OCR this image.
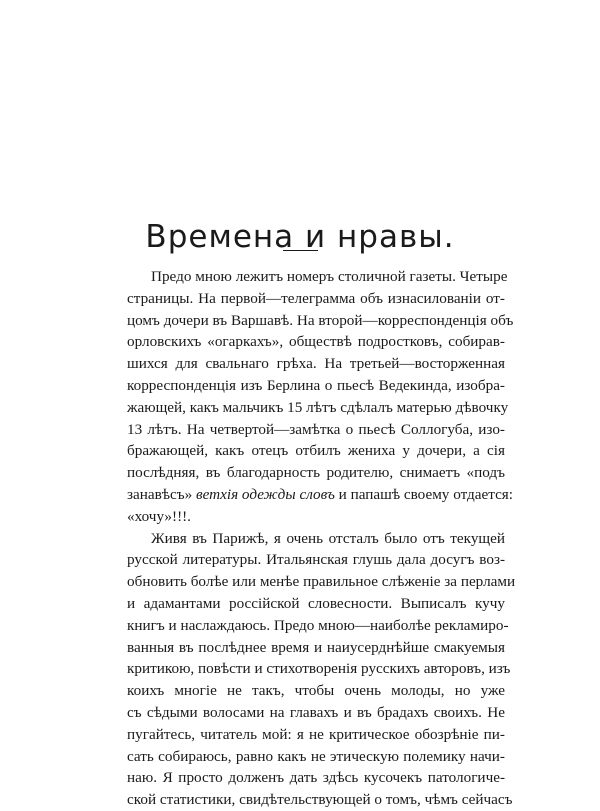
Времена и нравы.
Предо мною лежитъ номеръ столичной газеты. Четыре
страницы. На первой—телеграмма объ изнасилованіи от-
цомъ дочери въ Варшавѣ. На второй—корреспонденція объ
орловскихъ «огаркахъ», обществѣ подростковъ, собирав-
шихся для свальнаго грѣха. На третьей—восторженная
корреспонденція изъ Берлина о пьесѣ Ведекинда, изобра-
жающей, какъ мальчикъ 15 лѣтъ сдѣлалъ матерью дѣвочку
13 лѣтъ. На четвертой—замѣтка о пьесѣ Соллогуба, изо-
бражающей, какъ отецъ отбилъ жениха у дочери, а сія
послѣдняя, въ благодарность родителю, снимаетъ «подъ
занавѣсъ» ветхія одежды словъ и папашѣ своему отдается:
«хочу»!!!.
Живя въ Парижѣ, я очень отсталъ было отъ текущей
русской литературы. Итальянская глушь дала досугъ воз-
обновить болѣе или менѣе правильное слѣженіе за перлами
и адамантами россійской словесности. Выписалъ кучу
книгъ и наслаждаюсь. Предо мною—наиболѣе рекламиро-
ванныя въ послѣднее время и наиусерднѣйше смакуемыя
критикою, повѣсти и стихотворенія русскихъ авторовъ, изъ
коихъ многіе не такъ, чтобы очень молоды, но уже
съ сѣдыми волосами на главахъ и въ брадахъ своихъ. Не
пугайтесь, читатель мой: я не критическое обозрѣніе пи-
сать собираюсь, равно какъ не этическую полемику начи-
наю. Я просто долженъ дать здѣсь кусочекъ патологиче-
ской статистики, свидѣтельствующей о томъ, чѣмъ сейчасъ
